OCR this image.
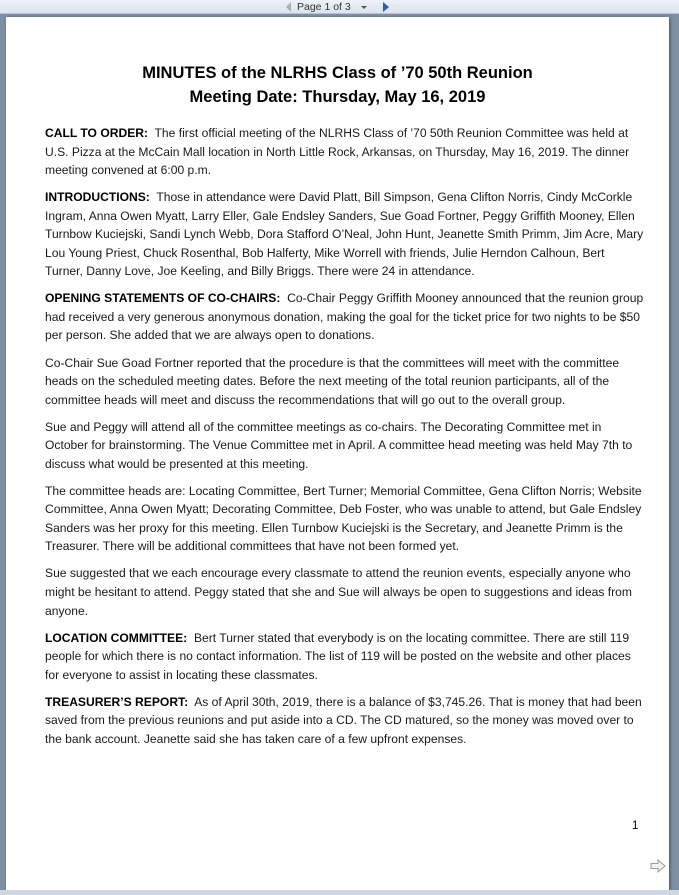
Page 1 of 3
MINUTES of the NLRHS Class of ’70 50th Reunion
Meeting Date: Thursday, May 16, 2019

CALL TO ORDER: The first official meeting of the NLRHS Class of ’70 50th Reunion Committee was held at U.S. Pizza at the McCain Mall location in North Little Rock, Arkansas, on Thursday, May 16, 2019. The dinner meeting convened at 6:00 p.m.

INTRODUCTIONS: Those in attendance were David Platt, Bill Simpson, Gena Clifton Norris, Cindy McCorkle Ingram, Anna Owen Myatt, Larry Eller, Gale Endsley Sanders, Sue Goad Fortner, Peggy Griffith Mooney, Ellen Turnbow Kuciejski, Sandi Lynch Webb, Dora Stafford O’Neal, John Hunt, Jeanette Smith Primm, Jim Acre, Mary Lou Young Priest, Chuck Rosenthal, Bob Halferty, Mike Worrell with friends, Julie Herndon Calhoun, Bert Turner, Danny Love, Joe Keeling, and Billy Briggs. There were 24 in attendance.

OPENING STATEMENTS OF CO-CHAIRS: Co-Chair Peggy Griffith Mooney announced that the reunion group had received a very generous anonymous donation, making the goal for the ticket price for two nights to be $50 per person. She added that we are always open to donations.

Co-Chair Sue Goad Fortner reported that the procedure is that the committees will meet with the committee heads on the scheduled meeting dates. Before the next meeting of the total reunion participants, all of the committee heads will meet and discuss the recommendations that will go out to the overall group.

Sue and Peggy will attend all of the committee meetings as co-chairs. The Decorating Committee met in October for brainstorming. The Venue Committee met in April. A committee head meeting was held May 7th to discuss what would be presented at this meeting.

The committee heads are: Locating Committee, Bert Turner; Memorial Committee, Gena Clifton Norris; Website Committee, Anna Owen Myatt; Decorating Committee, Deb Foster, who was unable to attend, but Gale Endsley Sanders was her proxy for this meeting. Ellen Turnbow Kuciejski is the Secretary, and Jeanette Primm is the Treasurer. There will be additional committees that have not been formed yet.

Sue suggested that we each encourage every classmate to attend the reunion events, especially anyone who might be hesitant to attend. Peggy stated that she and Sue will always be open to suggestions and ideas from anyone.

LOCATION COMMITTEE: Bert Turner stated that everybody is on the locating committee. There are still 119 people for which there is no contact information. The list of 119 will be posted on the website and other places for everyone to assist in locating these classmates.

TREASURER’S REPORT: As of April 30th, 2019, there is a balance of $3,745.26. That is money that had been saved from the previous reunions and put aside into a CD. The CD matured, so the money was moved over to the bank account. Jeanette said she has taken care of a few upfront expenses.

1
